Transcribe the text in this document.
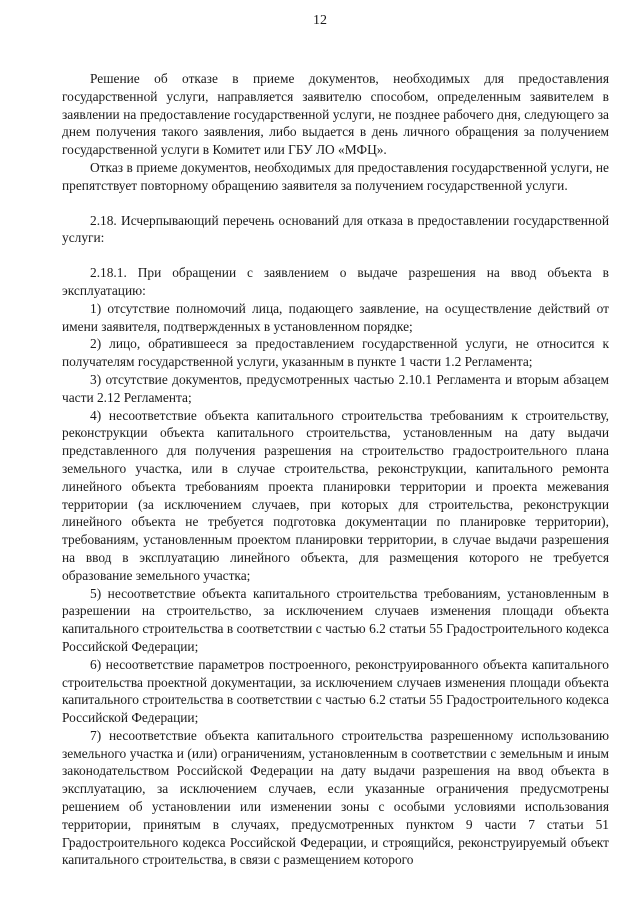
12

Решение об отказе в приеме документов, необходимых для предоставления государственной услуги, направляется заявителю способом, определенным заявителем в заявлении на предоставление государственной услуги, не позднее рабочего дня, следующего за днем получения такого заявления, либо выдается в день личного обращения за получением государственной услуги в Комитет или ГБУ ЛО «МФЦ».

Отказ в приеме документов, необходимых для предоставления государственной услуги, не препятствует повторному обращению заявителя за получением государственной услуги.

2.18. Исчерпывающий перечень оснований для отказа в предоставлении государственной услуги:

2.18.1. При обращении с заявлением о выдаче разрешения на ввод объекта в эксплуатацию:

1) отсутствие полномочий лица, подающего заявление, на осуществление действий от имени заявителя, подтвержденных в установленном порядке;

2) лицо, обратившееся за предоставлением государственной услуги, не относится к получателям государственной услуги, указанным в пункте 1 части 1.2 Регламента;

3) отсутствие документов, предусмотренных частью 2.10.1 Регламента и вторым абзацем части 2.12 Регламента;

4) несоответствие объекта капитального строительства требованиям к строительству, реконструкции объекта капитального строительства, установленным на дату выдачи представленного для получения разрешения на строительство градостроительного плана земельного участка, или в случае строительства, реконструкции, капитального ремонта линейного объекта требованиям проекта планировки территории и проекта межевания территории (за исключением случаев, при которых для строительства, реконструкции линейного объекта не требуется подготовка документации по планировке территории), требованиям, установленным проектом планировки территории, в случае выдачи разрешения на ввод в эксплуатацию линейного объекта, для размещения которого не требуется образование земельного участка;

5) несоответствие объекта капитального строительства требованиям, установленным в разрешении на строительство, за исключением случаев изменения площади объекта капитального строительства в соответствии с частью 6.2 статьи 55 Градостроительного кодекса Российской Федерации;

6) несоответствие параметров построенного, реконструированного объекта капитального строительства проектной документации, за исключением случаев изменения площади объекта капитального строительства в соответствии с частью 6.2 статьи 55 Градостроительного кодекса Российской Федерации;

7) несоответствие объекта капитального строительства разрешенному использованию земельного участка и (или) ограничениям, установленным в соответствии с земельным и иным законодательством Российской Федерации на дату выдачи разрешения на ввод объекта в эксплуатацию, за исключением случаев, если указанные ограничения предусмотрены решением об установлении или изменении зоны с особыми условиями использования территории, принятым в случаях, предусмотренных пунктом 9 части 7 статьи 51 Градостроительного кодекса Российской Федерации, и строящийся, реконструируемый объект капитального строительства, в связи с размещением которого
